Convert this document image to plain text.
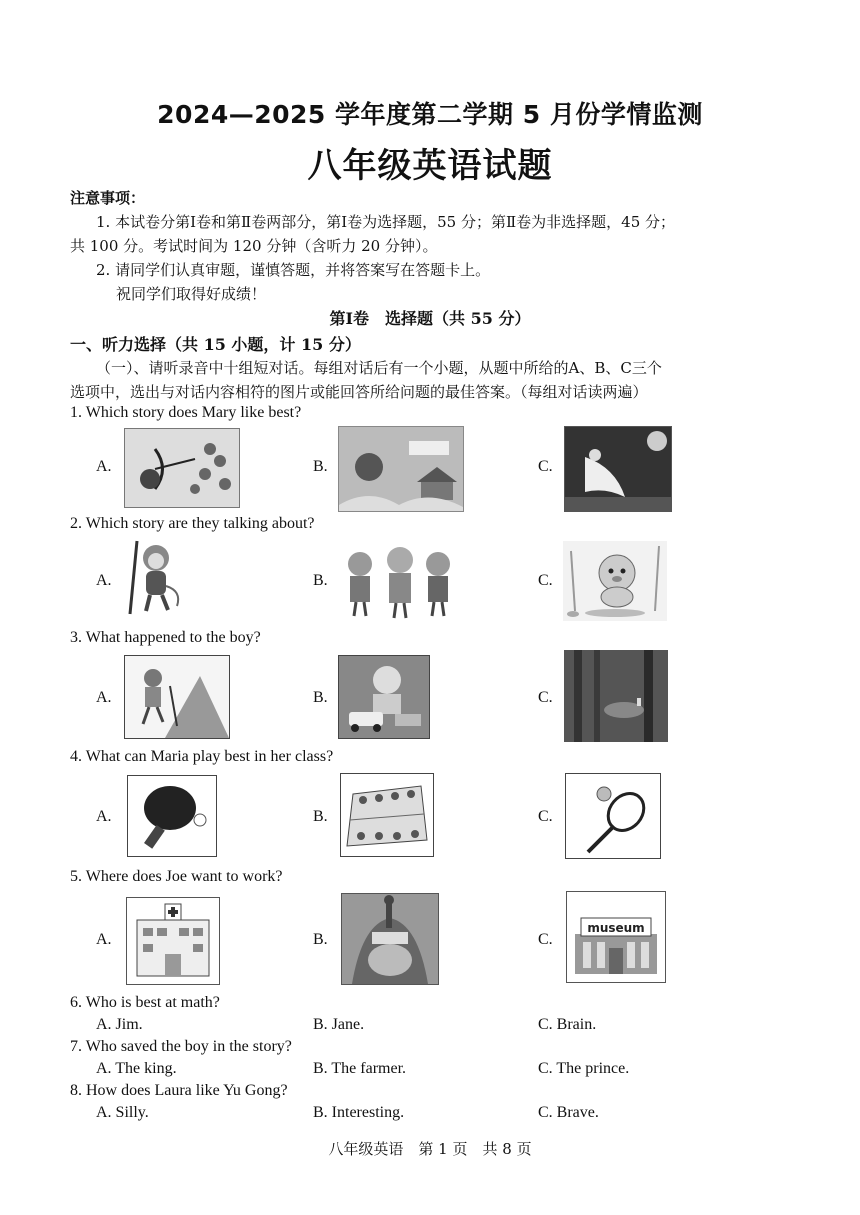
2024—2025 学年度第二学期 5 月份学情监测
八年级英语试题
注意事项：
1. 本试卷分第Ⅰ卷和第Ⅱ卷两部分，第Ⅰ卷为选择题，55 分；第Ⅱ卷为非选择题，45 分；
共 100 分。考试时间为 120 分钟（含听力 20 分钟）。
2. 请同学们认真审题，谨慎答题，并将答案写在答题卡上。
祝同学们取得好成绩！
第Ⅰ卷　选择题（共 55 分）
一、听力选择（共 15 小题，计 15 分）
（一）、请听录音中十组短对话。每组对话后有一个小题，从题中所给的A、B、C三个
选项中，选出与对话内容相符的图片或能回答所给问题的最佳答案。（每组对话读两遍）
1. Which story does Mary like best?
A.	B.	C.
2. Which story are they talking about?
A.	B.	C.
3. What happened to the boy?
A.	B.	C.
4. What can Maria play best in her class?
A.	B.	C.
5. Where does Joe want to work?
A.	B.	C.
museum
6. Who is best at math?
A. Jim.	B. Jane.	C. Brain.
7. Who saved the boy in the story?
A. The king.	B. The farmer.	C. The prince.
8. How does Laura like Yu Gong?
A. Silly.	B. Interesting.	C. Brave.
八年级英语　第 1 页　共 8 页
